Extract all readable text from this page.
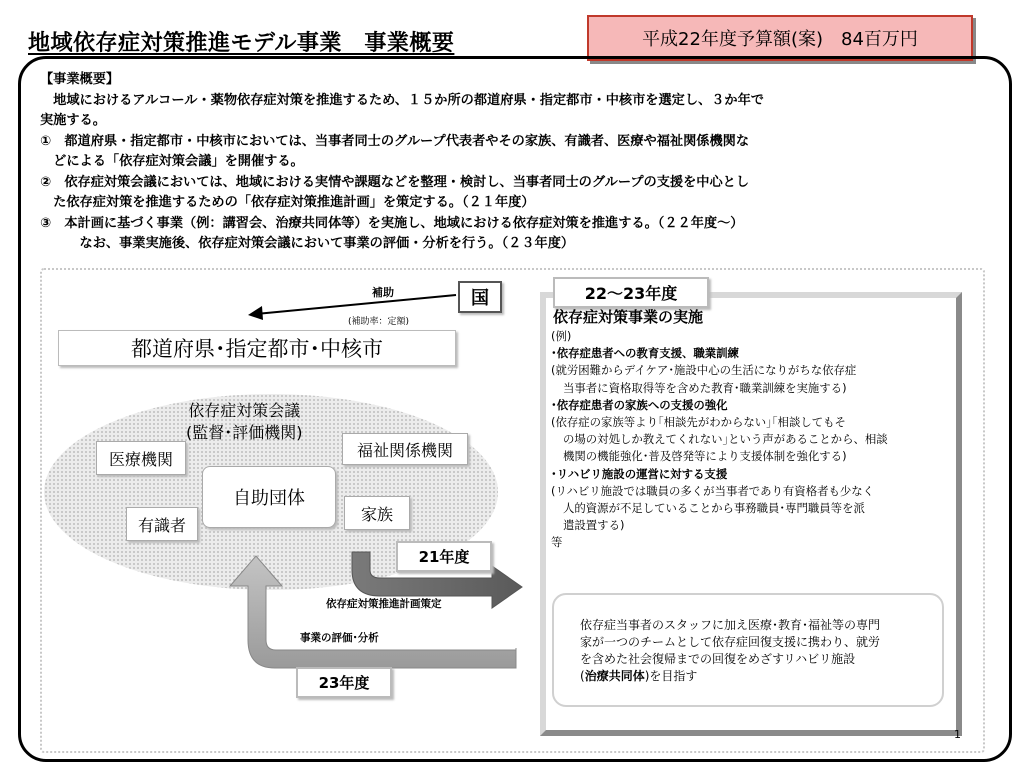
地域依存症対策推進モデル事業　事業概要	平成22年度予算額(案)　84百万円
【事業概要】
　地域におけるアルコール・薬物依存症対策を推進するため、１５か所の都道府県・指定都市・中核市を選定し、３か年で
実施する。
①　都道府県・指定都市・中核市においては、当事者同士のグループ代表者やその家族、有識者、医療や福祉関係機関な
　どによる「依存症対策会議」を開催する。
②　依存症対策会議においては、地域における実情や課題などを整理・検討し、当事者同士のグループの支援を中心とし
　た依存症対策を推進するための「依存症対策推進計画」を策定する。（２１年度）
③　本計画に基づく事業（例：講習会、治療共同体等）を実施し、地域における依存症対策を推進する。（２２年度～）
　　　なお、事業実施後、依存症対策会議において事業の評価・分析を行う。（２３年度）
補助
(補助率：定額)
国
都道府県･指定都市･中核市
依存症対策会議
(監督･評価機関)
医療機関	福祉関係機関
自助団体
家族
有識者
21年度
依存症対策推進計画策定
事業の評価･分析
23年度
22～23年度
依存症対策事業の実施
(例)
･依存症患者への教育支援、職業訓練
(就労困難からデイケア･施設中心の生活になりがちな依存症
当事者に資格取得等を含めた教育･職業訓練を実施する)
･依存症患者の家族への支援の強化
(依存症の家族等より｢相談先がわからない｣｢相談してもそ
の場の対処しか教えてくれない｣という声があることから、相談
機関の機能強化･普及啓発等により支援体制を強化する)
･リハビリ施設の運営に対する支援
(リハビリ施設では職員の多くが当事者であり有資格者も少なく
人的資源が不足していることから事務職員･専門職員等を派
遣設置する)
等
依存症当事者のスタッフに加え医療･教育･福祉等の専門
家が一つのチームとして依存症回復支援に携わり、就労
を含めた社会復帰までの回復をめざすリハビリ施設
(治療共同体)を目指す
1
